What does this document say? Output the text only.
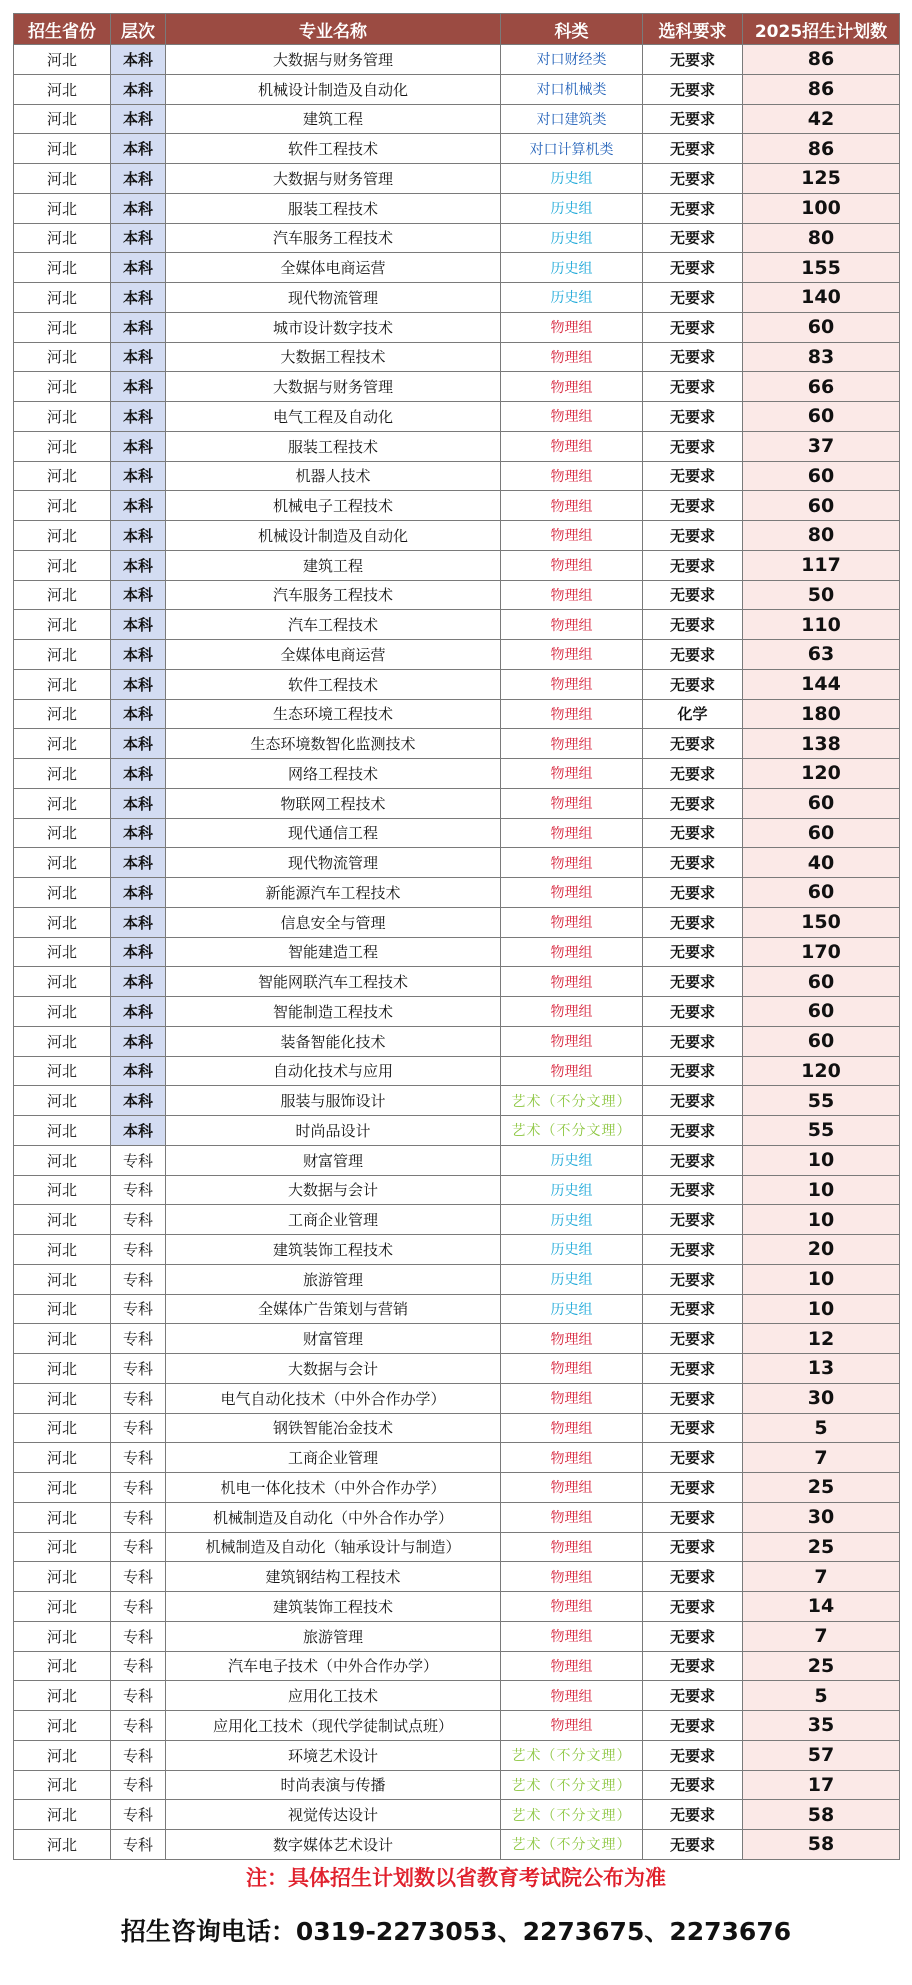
招生省份	层次	专业名称	科类	选科要求	2025招生计划数
河北	本科	大数据与财务管理	对口财经类	无要求	86
河北	本科	机械设计制造及自动化	对口机械类	无要求	86
河北	本科	建筑工程	对口建筑类	无要求	42
河北	本科	软件工程技术	对口计算机类	无要求	86
河北	本科	大数据与财务管理	历史组	无要求	125
河北	本科	服装工程技术	历史组	无要求	100
河北	本科	汽车服务工程技术	历史组	无要求	80
河北	本科	全媒体电商运营	历史组	无要求	155
河北	本科	现代物流管理	历史组	无要求	140
河北	本科	城市设计数字技术	物理组	无要求	60
河北	本科	大数据工程技术	物理组	无要求	83
河北	本科	大数据与财务管理	物理组	无要求	66
河北	本科	电气工程及自动化	物理组	无要求	60
河北	本科	服装工程技术	物理组	无要求	37
河北	本科	机器人技术	物理组	无要求	60
河北	本科	机械电子工程技术	物理组	无要求	60
河北	本科	机械设计制造及自动化	物理组	无要求	80
河北	本科	建筑工程	物理组	无要求	117
河北	本科	汽车服务工程技术	物理组	无要求	50
河北	本科	汽车工程技术	物理组	无要求	110
河北	本科	全媒体电商运营	物理组	无要求	63
河北	本科	软件工程技术	物理组	无要求	144
河北	本科	生态环境工程技术	物理组	化学	180
河北	本科	生态环境数智化监测技术	物理组	无要求	138
河北	本科	网络工程技术	物理组	无要求	120
河北	本科	物联网工程技术	物理组	无要求	60
河北	本科	现代通信工程	物理组	无要求	60
河北	本科	现代物流管理	物理组	无要求	40
河北	本科	新能源汽车工程技术	物理组	无要求	60
河北	本科	信息安全与管理	物理组	无要求	150
河北	本科	智能建造工程	物理组	无要求	170
河北	本科	智能网联汽车工程技术	物理组	无要求	60
河北	本科	智能制造工程技术	物理组	无要求	60
河北	本科	装备智能化技术	物理组	无要求	60
河北	本科	自动化技术与应用	物理组	无要求	120
河北	本科	服装与服饰设计	艺术（不分文理）	无要求	55
河北	本科	时尚品设计	艺术（不分文理）	无要求	55
河北	专科	财富管理	历史组	无要求	10
河北	专科	大数据与会计	历史组	无要求	10
河北	专科	工商企业管理	历史组	无要求	10
河北	专科	建筑装饰工程技术	历史组	无要求	20
河北	专科	旅游管理	历史组	无要求	10
河北	专科	全媒体广告策划与营销	历史组	无要求	10
河北	专科	财富管理	物理组	无要求	12
河北	专科	大数据与会计	物理组	无要求	13
河北	专科	电气自动化技术（中外合作办学）	物理组	无要求	30
河北	专科	钢铁智能冶金技术	物理组	无要求	5
河北	专科	工商企业管理	物理组	无要求	7
河北	专科	机电一体化技术（中外合作办学）	物理组	无要求	25
河北	专科	机械制造及自动化（中外合作办学）	物理组	无要求	30
河北	专科	机械制造及自动化（轴承设计与制造）	物理组	无要求	25
河北	专科	建筑钢结构工程技术	物理组	无要求	7
河北	专科	建筑装饰工程技术	物理组	无要求	14
河北	专科	旅游管理	物理组	无要求	7
河北	专科	汽车电子技术（中外合作办学）	物理组	无要求	25
河北	专科	应用化工技术	物理组	无要求	5
河北	专科	应用化工技术（现代学徒制试点班）	物理组	无要求	35
河北	专科	环境艺术设计	艺术（不分文理）	无要求	57
河北	专科	时尚表演与传播	艺术（不分文理）	无要求	17
河北	专科	视觉传达设计	艺术（不分文理）	无要求	58
河北	专科	数字媒体艺术设计	艺术（不分文理）	无要求	58
注：具体招生计划数以省教育考试院公布为准
招生咨询电话：0319-2273053、2273675、2273676
